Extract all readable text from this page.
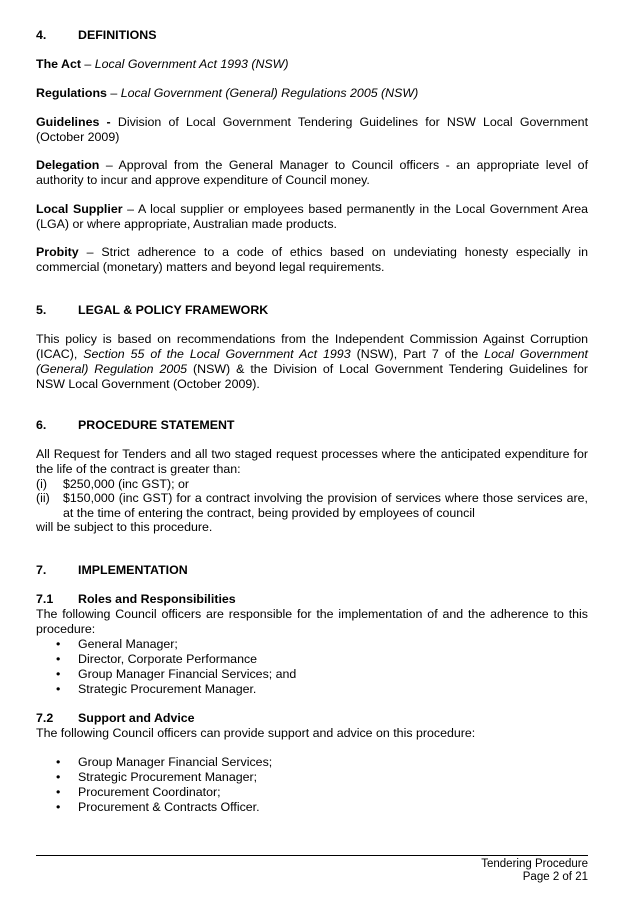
4.	DEFINITIONS
The Act – Local Government Act 1993 (NSW)
Regulations – Local Government (General) Regulations 2005 (NSW)
Guidelines - Division of Local Government Tendering Guidelines for NSW Local Government (October 2009)
Delegation – Approval from the General Manager to Council officers - an appropriate level of authority to incur and approve expenditure of Council money.
Local Supplier – A local supplier or employees based permanently in the Local Government Area (LGA) or where appropriate, Australian made products.
Probity – Strict adherence to a code of ethics based on undeviating honesty especially in commercial (monetary) matters and beyond legal requirements.
5.	LEGAL & POLICY FRAMEWORK
This policy is based on recommendations from the Independent Commission Against Corruption (ICAC), Section 55 of the Local Government Act 1993 (NSW), Part 7 of the Local Government (General) Regulation 2005 (NSW) & the Division of Local Government Tendering Guidelines for NSW Local Government (October 2009).
6.	PROCEDURE STATEMENT
All Request for Tenders and all two staged request processes where the anticipated expenditure for the life of the contract is greater than:
(i) $250,000 (inc GST); or
(ii) $150,000 (inc GST) for a contract involving the provision of services where those services are, at the time of entering the contract, being provided by employees of council
will be subject to this procedure.
7.	IMPLEMENTATION
7.1 Roles and Responsibilities
The following Council officers are responsible for the implementation of and the adherence to this procedure:
• General Manager;
• Director, Corporate Performance
• Group Manager Financial Services; and
• Strategic Procurement Manager.
7.2 Support and Advice
The following Council officers can provide support and advice on this procedure:
• Group Manager Financial Services;
• Strategic Procurement Manager;
• Procurement Coordinator;
• Procurement & Contracts Officer.
Tendering Procedure
Page 2 of 21
